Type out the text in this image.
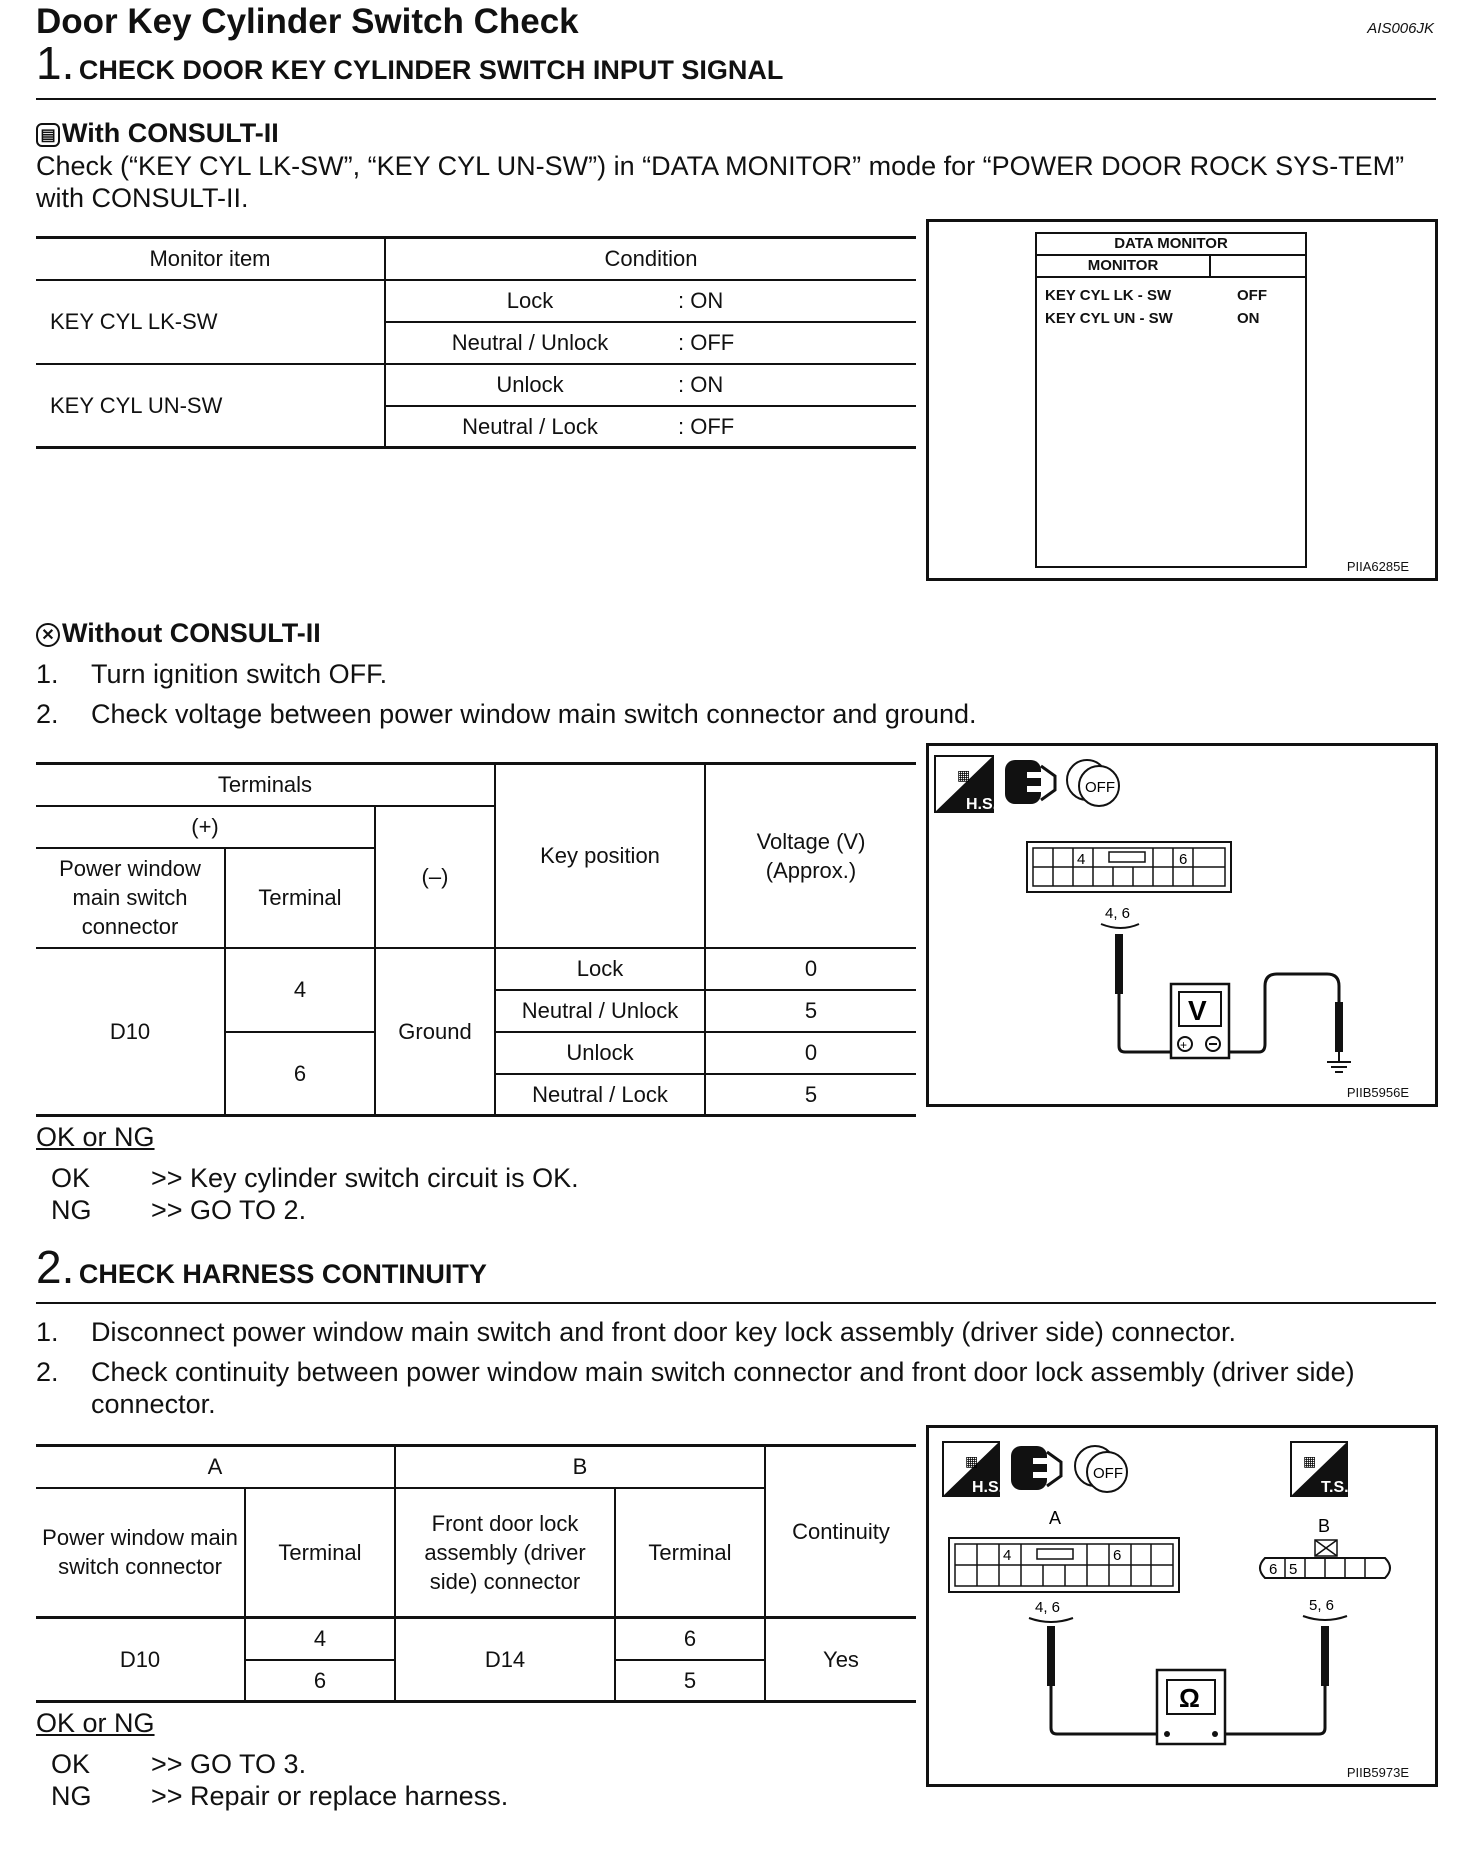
Door Key Cylinder Switch Check	AIS006JK
1. CHECK DOOR KEY CYLINDER SWITCH INPUT SIGNAL
▤ With CONSULT-II
Check (“KEY CYL LK-SW”, “KEY CYL UN-SW”) in “DATA MONITOR” mode for “POWER DOOR ROCK SYS-TEM” with CONSULT-II.
Monitor item	Condition	
KEY CYL LK-SW	Lock	: ON
	Neutral / Unlock	: OFF
KEY CYL UN-SW	Unlock	: ON
	Neutral / Lock	: OFF
DATA MONITOR
MONITOR
KEY CYL LK - SW	OFF
KEY CYL UN - SW	ON
PIIA6285E
✕ Without CONSULT-II
1. Turn ignition switch OFF.
2. Check voltage between power window main switch connector and ground.
Terminals			Key position	Voltage (V)
(Approx.)
(+)		(–)		
Power window main switch connector	Terminal			
D10	4	Ground	Lock	0
			Neutral / Unlock	5
	6		Unlock	0
			Neutral / Lock	5
▦
H.S.
OFF
4	6
4, 6
V
+
PIIB5956E
OK or NG
OK >> Key cylinder switch circuit is OK.
NG >> GO TO 2.
2. CHECK HARNESS CONTINUITY
1.	Disconnect power window main switch and front door key lock assembly (driver side) connector.
2.	Check continuity between power window main switch connector and front door lock assembly (driver side) connector.
A		B		Continuity
Power window main switch connector	Terminal	Front door lock assembly (driver side) connector	Terminal	
D10	4	D14	6	Yes
	6		5	
▦
H.S.
OFF
▦
T.S.
A	B
4	6
6 5
4, 6	5, 6
Ω
PIIB5973E
OK or NG
OK >> GO TO 3.
NG >> Repair or replace harness.
